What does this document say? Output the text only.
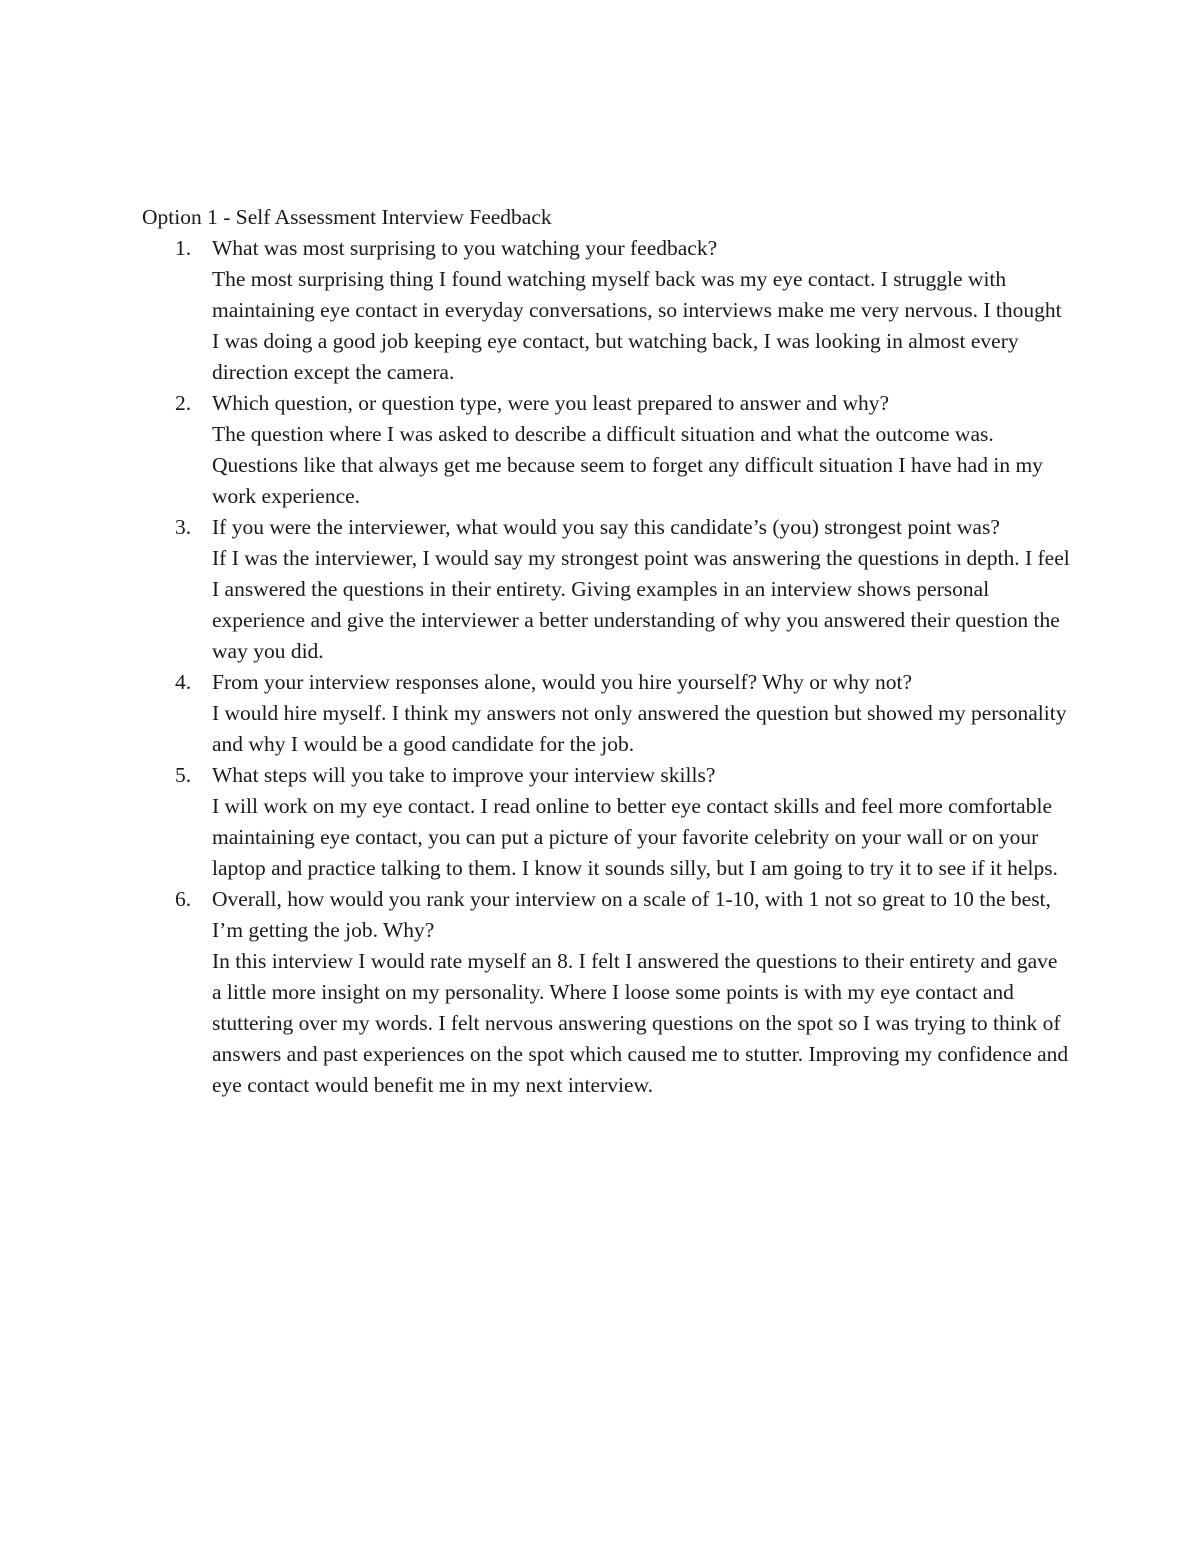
Option 1 - Self Assessment Interview Feedback

1. What was most surprising to you watching your feedback?
The most surprising thing I found watching myself back was my eye contact. I struggle with maintaining eye contact in everyday conversations, so interviews make me very nervous. I thought I was doing a good job keeping eye contact, but watching back, I was looking in almost every direction except the camera.
2. Which question, or question type, were you least prepared to answer and why?
The question where I was asked to describe a difficult situation and what the outcome was. Questions like that always get me because seem to forget any difficult situation I have had in my work experience.
3. If you were the interviewer, what would you say this candidate’s (you) strongest point was?
If I was the interviewer, I would say my strongest point was answering the questions in depth. I feel I answered the questions in their entirety. Giving examples in an interview shows personal experience and give the interviewer a better understanding of why you answered their question the way you did.
4. From your interview responses alone, would you hire yourself? Why or why not?
I would hire myself. I think my answers not only answered the question but showed my personality and why I would be a good candidate for the job.
5. What steps will you take to improve your interview skills?
I will work on my eye contact. I read online to better eye contact skills and feel more comfortable maintaining eye contact, you can put a picture of your favorite celebrity on your wall or on your laptop and practice talking to them. I know it sounds silly, but I am going to try it to see if it helps.
6. Overall, how would you rank your interview on a scale of 1-10, with 1 not so great to 10 the best, I’m getting the job. Why?
In this interview I would rate myself an 8. I felt I answered the questions to their entirety and gave a little more insight on my personality. Where I loose some points is with my eye contact and stuttering over my words. I felt nervous answering questions on the spot so I was trying to think of answers and past experiences on the spot which caused me to stutter. Improving my confidence and eye contact would benefit me in my next interview.
